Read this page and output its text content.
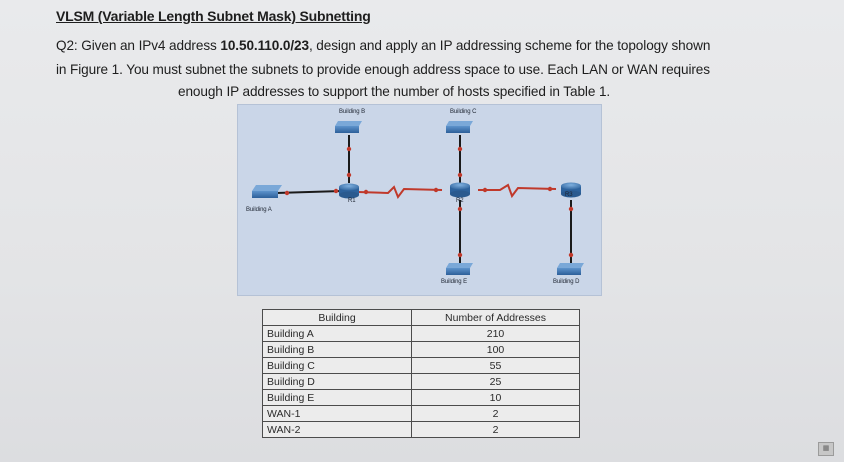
VLSM (Variable Length Subnet Mask) Subnetting
Q2: Given an IPv4 address 10.50.110.0/23, design and apply an IP addressing scheme for the topology shown
in Figure 1. You must subnet the subnets to provide enough address space to use. Each LAN or WAN requires
enough IP addresses to support the number of hosts specified in Table 1.
Building B	Building C
Building A
R1	R2
R3
Building E	Building D
Building	Number of Addresses
Building A	210
Building B	100
Building C	55
Building D	25
Building E	10
WAN-1	2
WAN-2	2
▦
